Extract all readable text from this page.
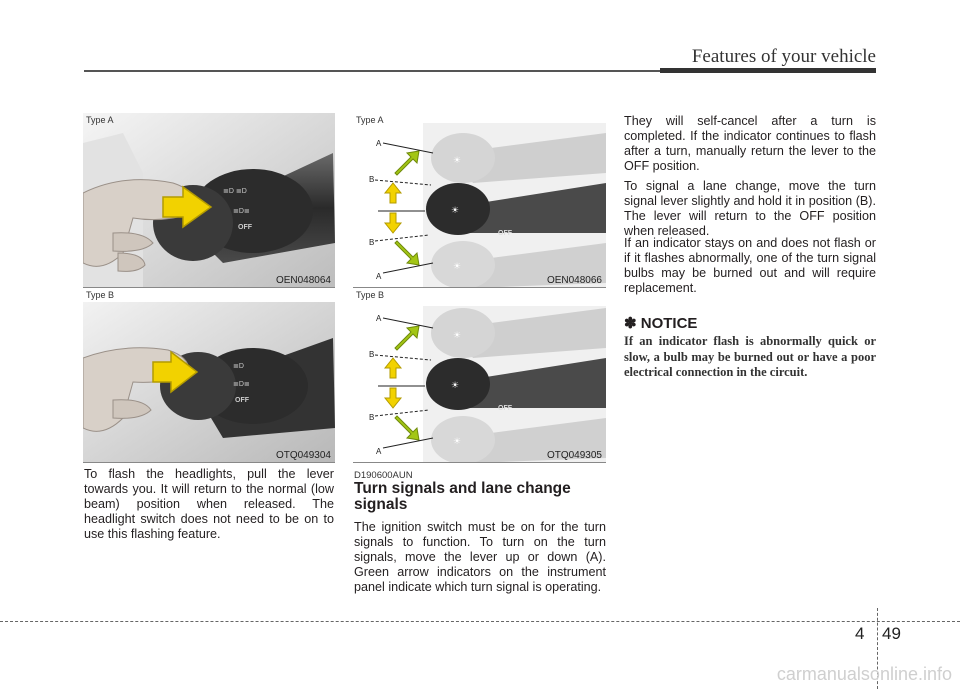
Features of your vehicle
≣D ≣D
≣D≣
OFF
Type A
OEN048064
≣D
≣D≣
OFF
Type B
OTQ049304
☀
☀
☀
OFF
A
B
B
A
Type A
OEN048066
☀
☀
☀
OFF
A
B
B
A
Type B
OTQ049305
To flash the headlights, pull the lever towards you. It will return to the normal (low beam) position when released. The headlight switch does not need to be on to use this flashing feature.
D190600AUN
Turn signals and lane change signals
The ignition switch must be on for the turn signals to function. To turn on the turn signals, move the lever up or down (A). Green arrow indicators on the instrument panel indicate which turn signal is operating.
They will self-cancel after a turn is completed. If the indicator continues to flash after a turn, manually return the lever to the OFF position.
To signal a lane change, move the turn signal lever slightly and hold it in position (B). The lever will return to the OFF position when released.
If an indicator stays on and does not flash or if it flashes abnormally, one of the turn signal bulbs may be burned out and will require replacement.
✽ NOTICE
If an indicator flash is abnormally quick or slow, a bulb may be burned out or have a poor electrical connection in the circuit.
4 49
carmanualsonline.info
